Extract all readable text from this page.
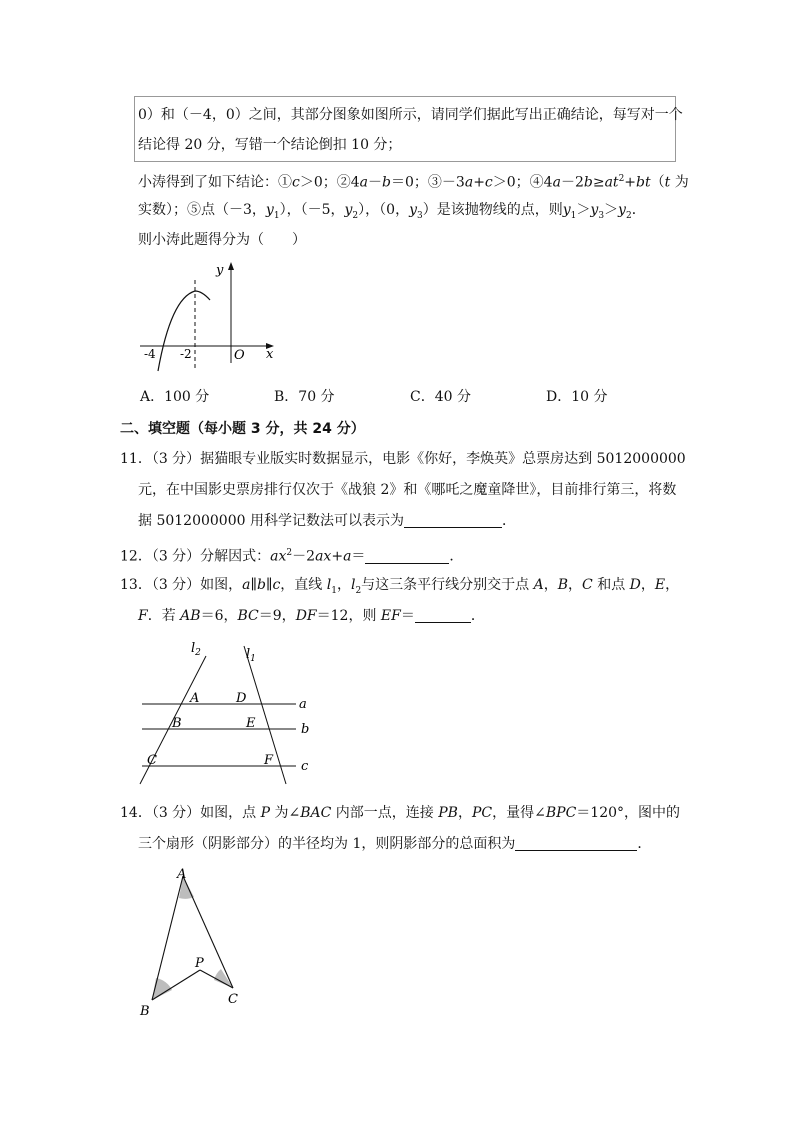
0）和（－4，0）之间，其部分图象如图所示，请同学们据此写出正确结论，每写对一个
结论得 20 分，写错一个结论倒扣 10 分；
小涛得到了如下结论：①c＞0；②4a－b＝0；③－3a+c＞0；$④4a-2b\ge at^2+bt(t$ 为
实数）；⑤点（－3，$y_1$），（－5，$y_2$），（0，$y_3$）是该抛物线的点，则$y_1>y_3>y_2$．
则小涛此题得分为（　　）
y
x
O
-4 -2
A．100 分	B．70 分	C．40 分	D．10 分
二、填空题（每小题 3 分，共 24 分）
11．（3 分）据猫眼专业版实时数据显示，电影《你好，李焕英》总票房达到 5012000000
元，在中国影史票房排行仅次于《战狼 2》和《哪吒之魔童降世》，目前排行第三，将数
据 5012000000 用科学记数法可以表示为	．
12．（3 分）分解因式：$ax^2-2ax+a=$	．
13．（3 分）如图，a∥b∥c，直线 $l_1$，$l_2$与这三条平行线分别交于点 A，B，C 和点 D，E，
F．若 AB＝6，BC＝9，DF＝12，则 EF＝	．
$l_2$	$l_1$
A	D	a
B	E	b
C	F c
14．（3 分）如图，点 P 为∠BAC 内部一点，连接 PB，PC，量得∠BPC＝120°，图中的
三个扇形（阴影部分）的半径均为 1，则阴影部分的总面积为	．
A
P
B
C
